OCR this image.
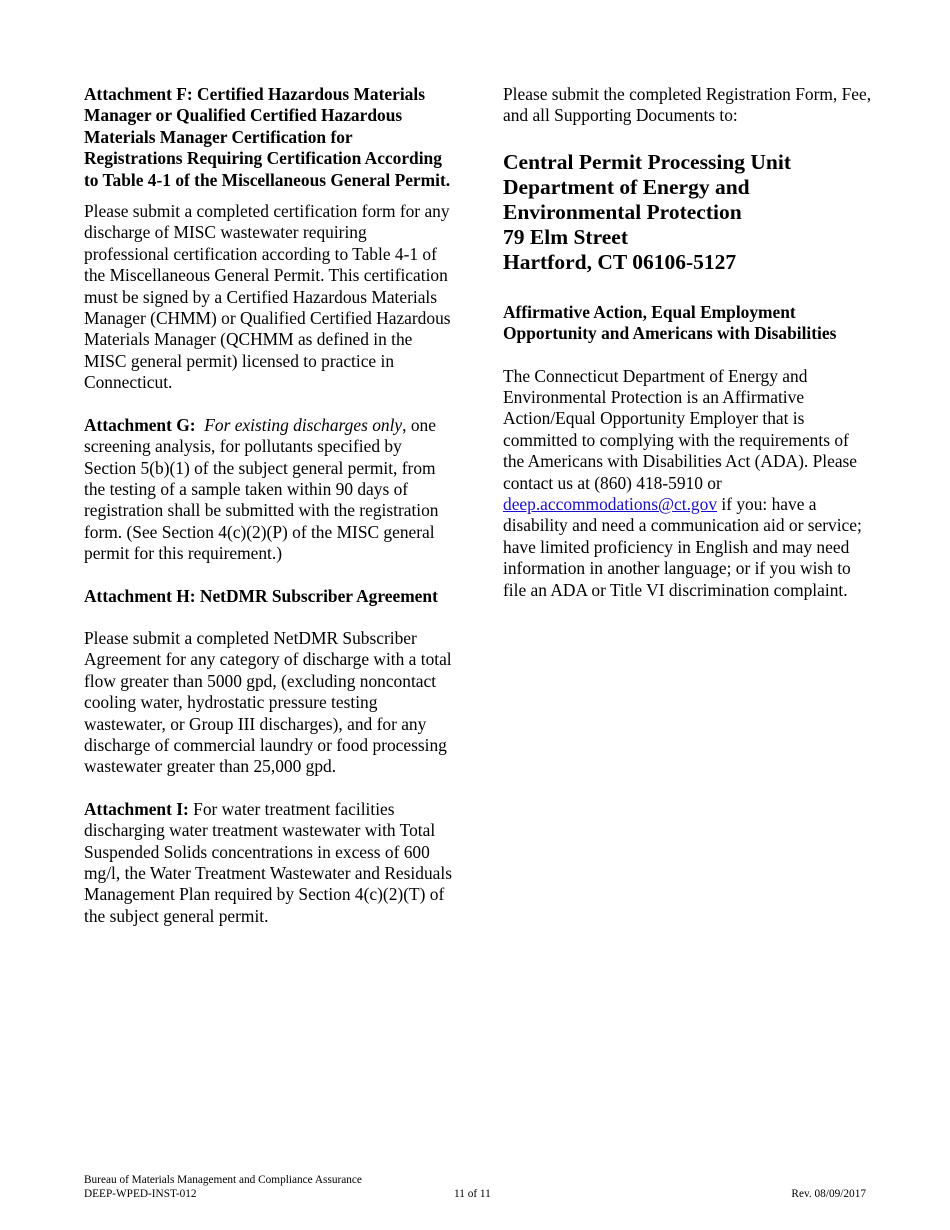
Attachment F: Certified Hazardous Materials Manager or Qualified Certified Hazardous Materials Manager Certification for Registrations Requiring Certification According to Table 4-1 of the Miscellaneous General Permit.

Please submit a completed certification form for any discharge of MISC wastewater requiring professional certification according to Table 4-1 of the Miscellaneous General Permit. This certification must be signed by a Certified Hazardous Materials Manager (CHMM) or Qualified Certified Hazardous Materials Manager (QCHMM as defined in the MISC general permit) licensed to practice in Connecticut.

Attachment G: For existing discharges only, one screening analysis, for pollutants specified by Section 5(b)(1) of the subject general permit, from the testing of a sample taken within 90 days of registration shall be submitted with the registration form. (See Section 4(c)(2)(P) of the MISC general permit for this requirement.)

Attachment H: NetDMR Subscriber Agreement

Please submit a completed NetDMR Subscriber Agreement for any category of discharge with a total flow greater than 5000 gpd, (excluding noncontact cooling water, hydrostatic pressure testing wastewater, or Group III discharges), and for any discharge of commercial laundry or food processing wastewater greater than 25,000 gpd.

Attachment I: For water treatment facilities discharging water treatment wastewater with Total Suspended Solids concentrations in excess of 600 mg/l, the Water Treatment Wastewater and Residuals Management Plan required by Section 4(c)(2)(T) of the subject general permit.

Please submit the completed Registration Form, Fee, and all Supporting Documents to:

Central Permit Processing Unit
Department of Energy and
Environmental Protection
79 Elm Street
Hartford, CT 06106-5127

Affirmative Action, Equal Employment Opportunity and Americans with Disabilities

The Connecticut Department of Energy and Environmental Protection is an Affirmative Action/Equal Opportunity Employer that is committed to complying with the requirements of the Americans with Disabilities Act (ADA). Please contact us at (860) 418-5910 or deep.accommodations@ct.gov if you: have a disability and need a communication aid or service; have limited proficiency in English and may need information in another language; or if you wish to file an ADA or Title VI discrimination complaint.

Bureau of Materials Management and Compliance Assurance
DEEP-WPED-INST-012	11 of 11	Rev. 08/09/2017
